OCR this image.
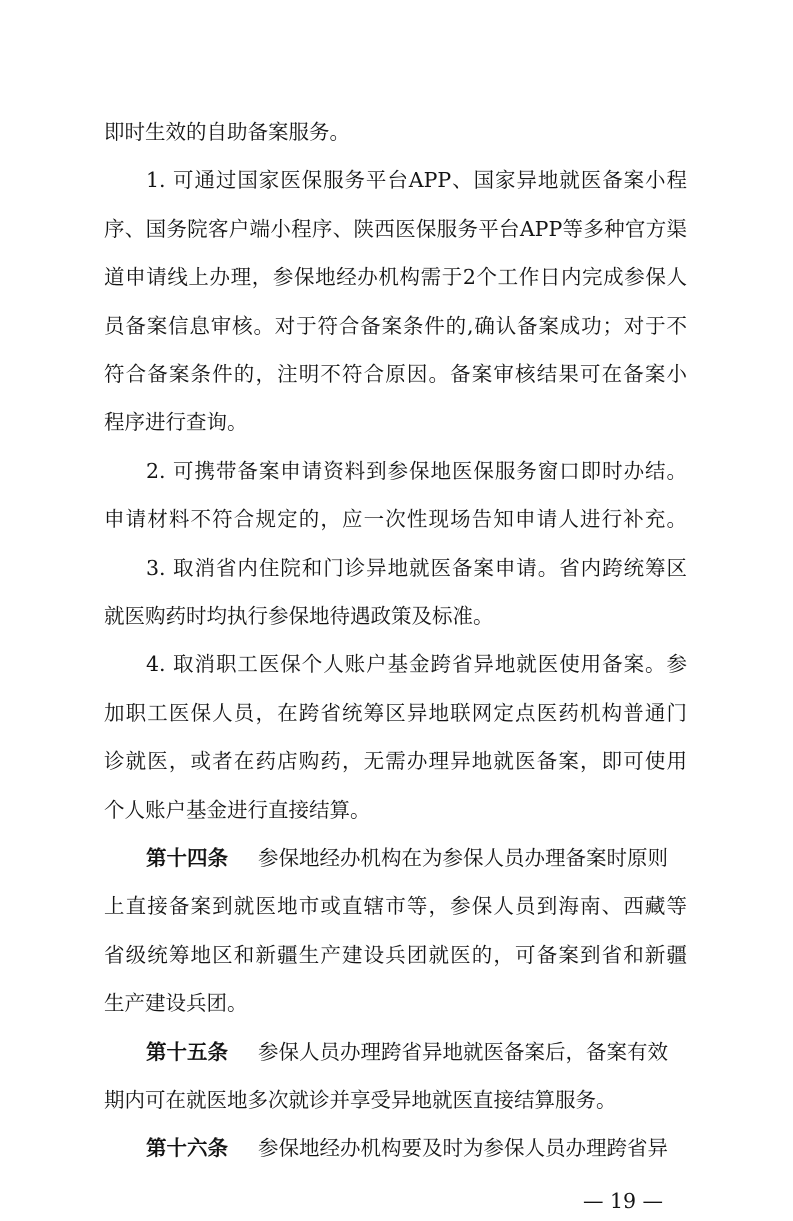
即时生效的自助备案服务。
1. 可通过国家医保服务平台APP、国家异地就医备案小程
序、国务院客户端小程序、陕西医保服务平台APP等多种官方渠
道申请线上办理，参保地经办机构需于2个工作日内完成参保人
员备案信息审核。对于符合备案条件的,确认备案成功；对于不
符合备案条件的，注明不符合原因。备案审核结果可在备案小
程序进行查询。
2. 可携带备案申请资料到参保地医保服务窗口即时办结。
申请材料不符合规定的，应一次性现场告知申请人进行补充。
3. 取消省内住院和门诊异地就医备案申请。省内跨统筹区
就医购药时均执行参保地待遇政策及标准。
4. 取消职工医保个人账户基金跨省异地就医使用备案。参
加职工医保人员，在跨省统筹区异地联网定点医药机构普通门
诊就医，或者在药店购药，无需办理异地就医备案，即可使用
个人账户基金进行直接结算。
第十四条 参保地经办机构在为参保人员办理备案时原则
上直接备案到就医地市或直辖市等，参保人员到海南、西藏等
省级统筹地区和新疆生产建设兵团就医的，可备案到省和新疆
生产建设兵团。
第十五条 参保人员办理跨省异地就医备案后，备案有效
期内可在就医地多次就诊并享受异地就医直接结算服务。
第十六条 参保地经办机构要及时为参保人员办理跨省异
— 19 —
